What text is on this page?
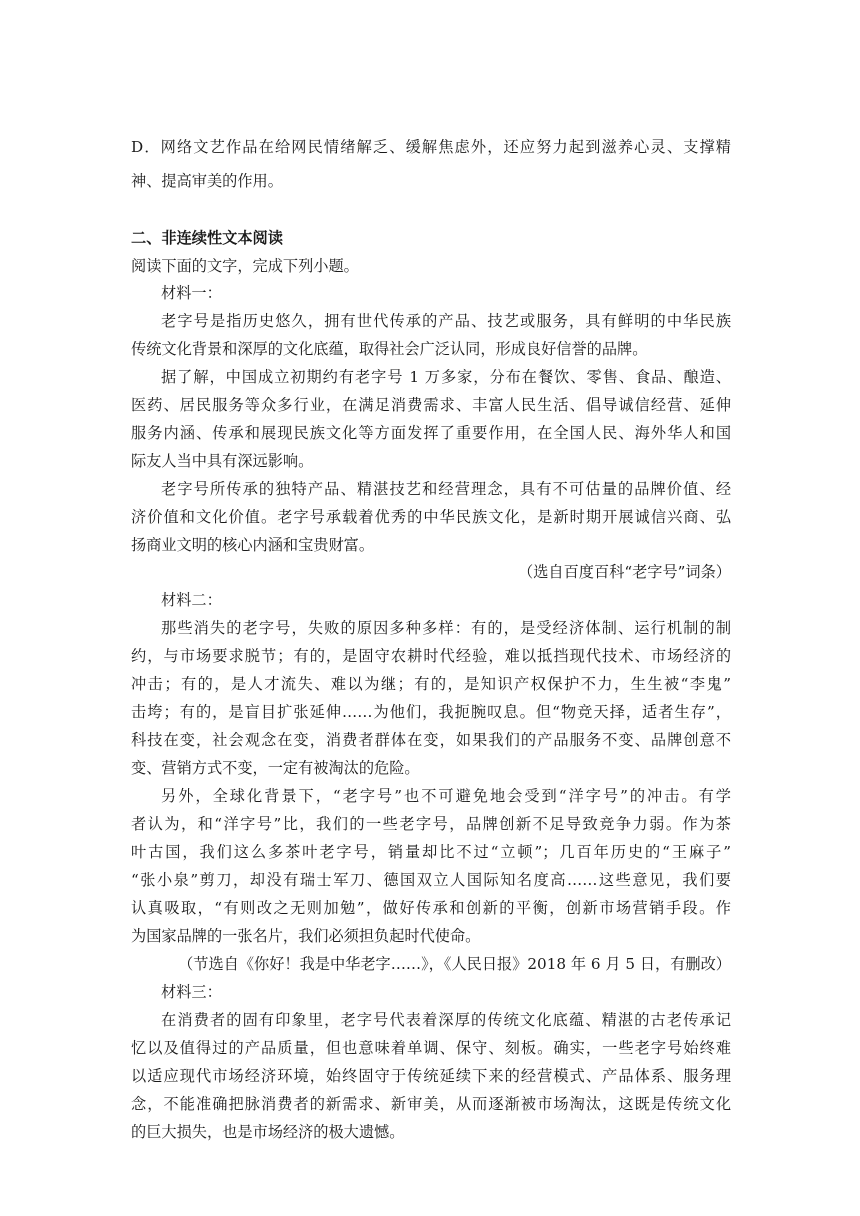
D．网络文艺作品在给网民情绪解乏、缓解焦虑外，还应努力起到滋养心灵、支撑精
神、提高审美的作用。
二、非连续性文本阅读
阅读下面的文字，完成下列小题。
材料一：
老字号是指历史悠久，拥有世代传承的产品、技艺或服务，具有鲜明的中华民族
传统文化背景和深厚的文化底蕴，取得社会广泛认同，形成良好信誉的品牌。
据了解，中国成立初期约有老字号 1 万多家，分布在餐饮、零售、食品、酿造、
医药、居民服务等众多行业，在满足消费需求、丰富人民生活、倡导诚信经营、延伸
服务内涵、传承和展现民族文化等方面发挥了重要作用，在全国人民、海外华人和国
际友人当中具有深远影响。
老字号所传承的独特产品、精湛技艺和经营理念，具有不可估量的品牌价值、经
济价值和文化价值。老字号承载着优秀的中华民族文化，是新时期开展诚信兴商、弘
扬商业文明的核心内涵和宝贵财富。
（选自百度百科“老字号”词条）
材料二：
那些消失的老字号，失败的原因多种多样：有的，是受经济体制、运行机制的制
约，与市场要求脱节；有的，是固守农耕时代经验，难以抵挡现代技术、市场经济的
冲击；有的，是人才流失、难以为继；有的，是知识产权保护不力，生生被“李鬼”
击垮；有的，是盲目扩张延伸……为他们，我扼腕叹息。但“物竞天择，适者生存”，
科技在变，社会观念在变，消费者群体在变，如果我们的产品服务不变、品牌创意不
变、营销方式不变，一定有被淘汰的危险。
另外，全球化背景下，“老字号”也不可避免地会受到“洋字号”的冲击。有学
者认为，和“洋字号”比，我们的一些老字号，品牌创新不足导致竞争力弱。作为茶
叶古国，我们这么多茶叶老字号，销量却比不过“立顿”；几百年历史的“王麻子”
“张小泉”剪刀，却没有瑞士军刀、德国双立人国际知名度高……这些意见，我们要
认真吸取，“有则改之无则加勉”，做好传承和创新的平衡，创新市场营销手段。作
为国家品牌的一张名片，我们必须担负起时代使命。
（节选自《你好！我是中华老字……》，《人民日报》2018 年 6 月 5 日，有删改）
材料三：
在消费者的固有印象里，老字号代表着深厚的传统文化底蕴、精湛的古老传承记
忆以及值得过的产品质量，但也意味着单调、保守、刻板。确实，一些老字号始终难
以适应现代市场经济环境，始终固守于传统延续下来的经营模式、产品体系、服务理
念，不能准确把脉消费者的新需求、新审美，从而逐渐被市场淘汰，这既是传统文化
的巨大损失，也是市场经济的极大遗憾。
